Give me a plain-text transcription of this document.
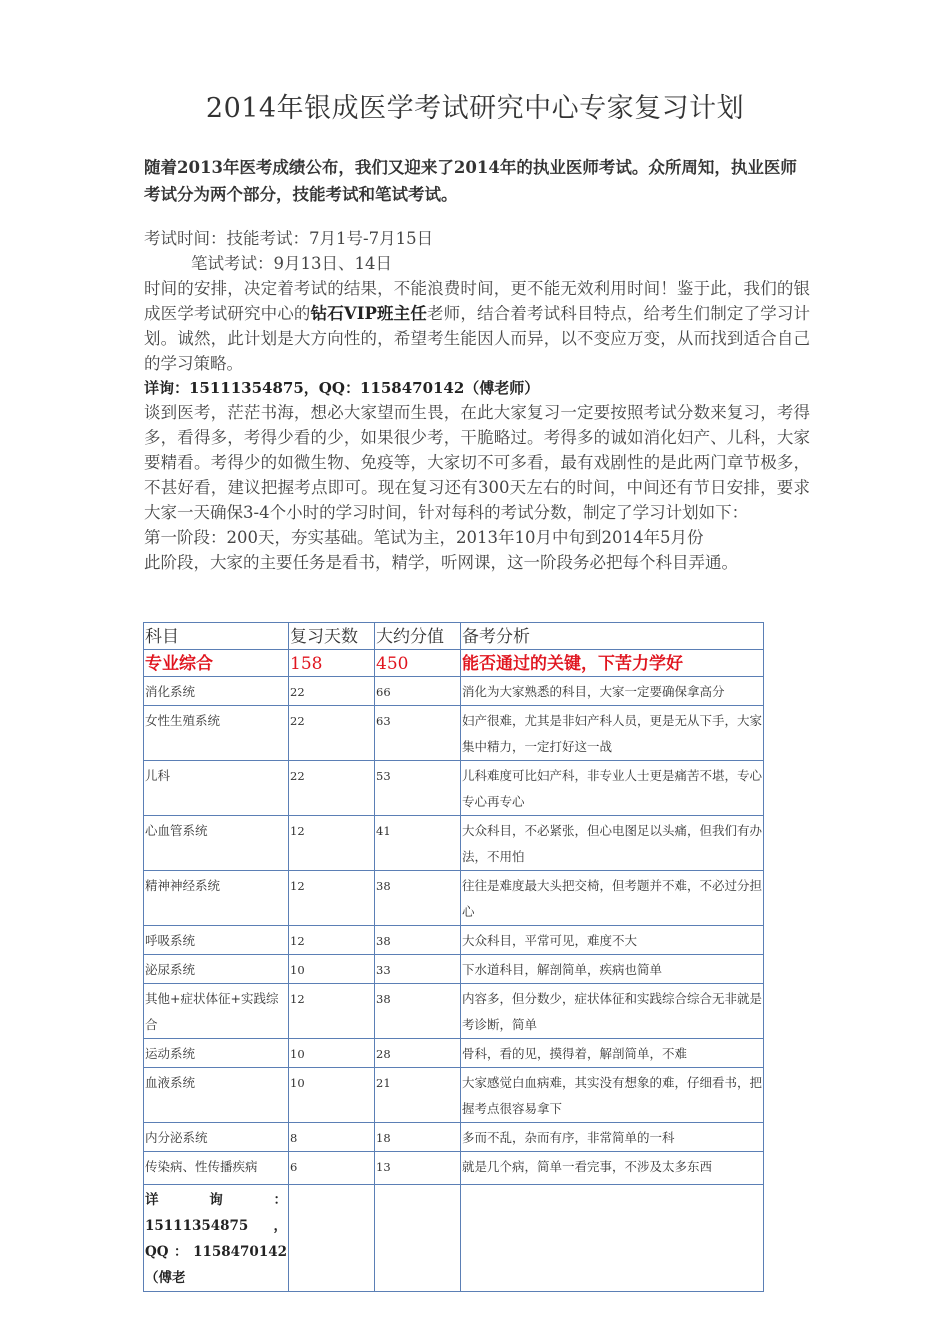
2014年银成医学考试研究中心专家复习计划
随着2013年医考成绩公布，我们又迎来了2014年的执业医师考试。众所周知，执业医师考试分为两个部分，技能考试和笔试考试。
考试时间：技能考试：7月1号-7月15日
笔试考试：9月13日、14日
时间的安排，决定着考试的结果，不能浪费时间，更不能无效利用时间！鉴于此，我们的银成医学考试研究中心的钻石VIP班主任老师，结合着考试科目特点，给考生们制定了学习计划。诚然，此计划是大方向性的，希望考生能因人而异，以不变应万变，从而找到适合自己的学习策略。
详询：15111354875，QQ：1158470142（傅老师）
谈到医考，茫茫书海，想必大家望而生畏，在此大家复习一定要按照考试分数来复习，考得多，看得多，考得少看的少，如果很少考，干脆略过。考得多的诚如消化妇产、儿科，大家要精看。考得少的如微生物、免疫等，大家切不可多看，最有戏剧性的是此两门章节极多，不甚好看，建议把握考点即可。现在复习还有300天左右的时间，中间还有节日安排，要求大家一天确保3-4个小时的学习时间，针对每科的考试分数，制定了学习计划如下：
第一阶段：200天，夯实基础。笔试为主，2013年10月中旬到2014年5月份
此阶段，大家的主要任务是看书，精学，听网课，这一阶段务必把每个科目弄通。
科目	复习天数	大约分值	备考分析
专业综合	158	450	能否通过的关键，下苦力学好
消化系统	22	66	消化为大家熟悉的科目，大家一定要确保拿高分
女性生殖系统	22	63	妇产很难，尤其是非妇产科人员，更是无从下手，大家集中精力，一定打好这一战
儿科	22	53	儿科难度可比妇产科，非专业人士更是痛苦不堪，专心专心再专心
心血管系统	12	41	大众科目，不必紧张，但心电图足以头痛，但我们有办法，不用怕
精神神经系统	12	38	往往是难度最大头把交椅，但考题并不难，不必过分担心
呼吸系统	12	38	大众科目，平常可见，难度不大
泌尿系统	10	33	下水道科目，解剖简单，疾病也简单
其他+症状体征+实践综合	12	38	内容多，但分数少，症状体征和实践综合综合无非就是考诊断，简单
运动系统	10	28	骨科，看的见，摸得着，解剖简单，不难
血液系统	10	21	大家感觉白血病难，其实没有想象的难，仔细看书，把握考点很容易拿下
内分泌系统	8	18	多而不乱，杂而有序，非常简单的一科
传染病、性传播疾病	6	13	就是几个病，简单一看完事，不涉及太多东西
详询：15111354875，QQ：1158470142（傅老			
